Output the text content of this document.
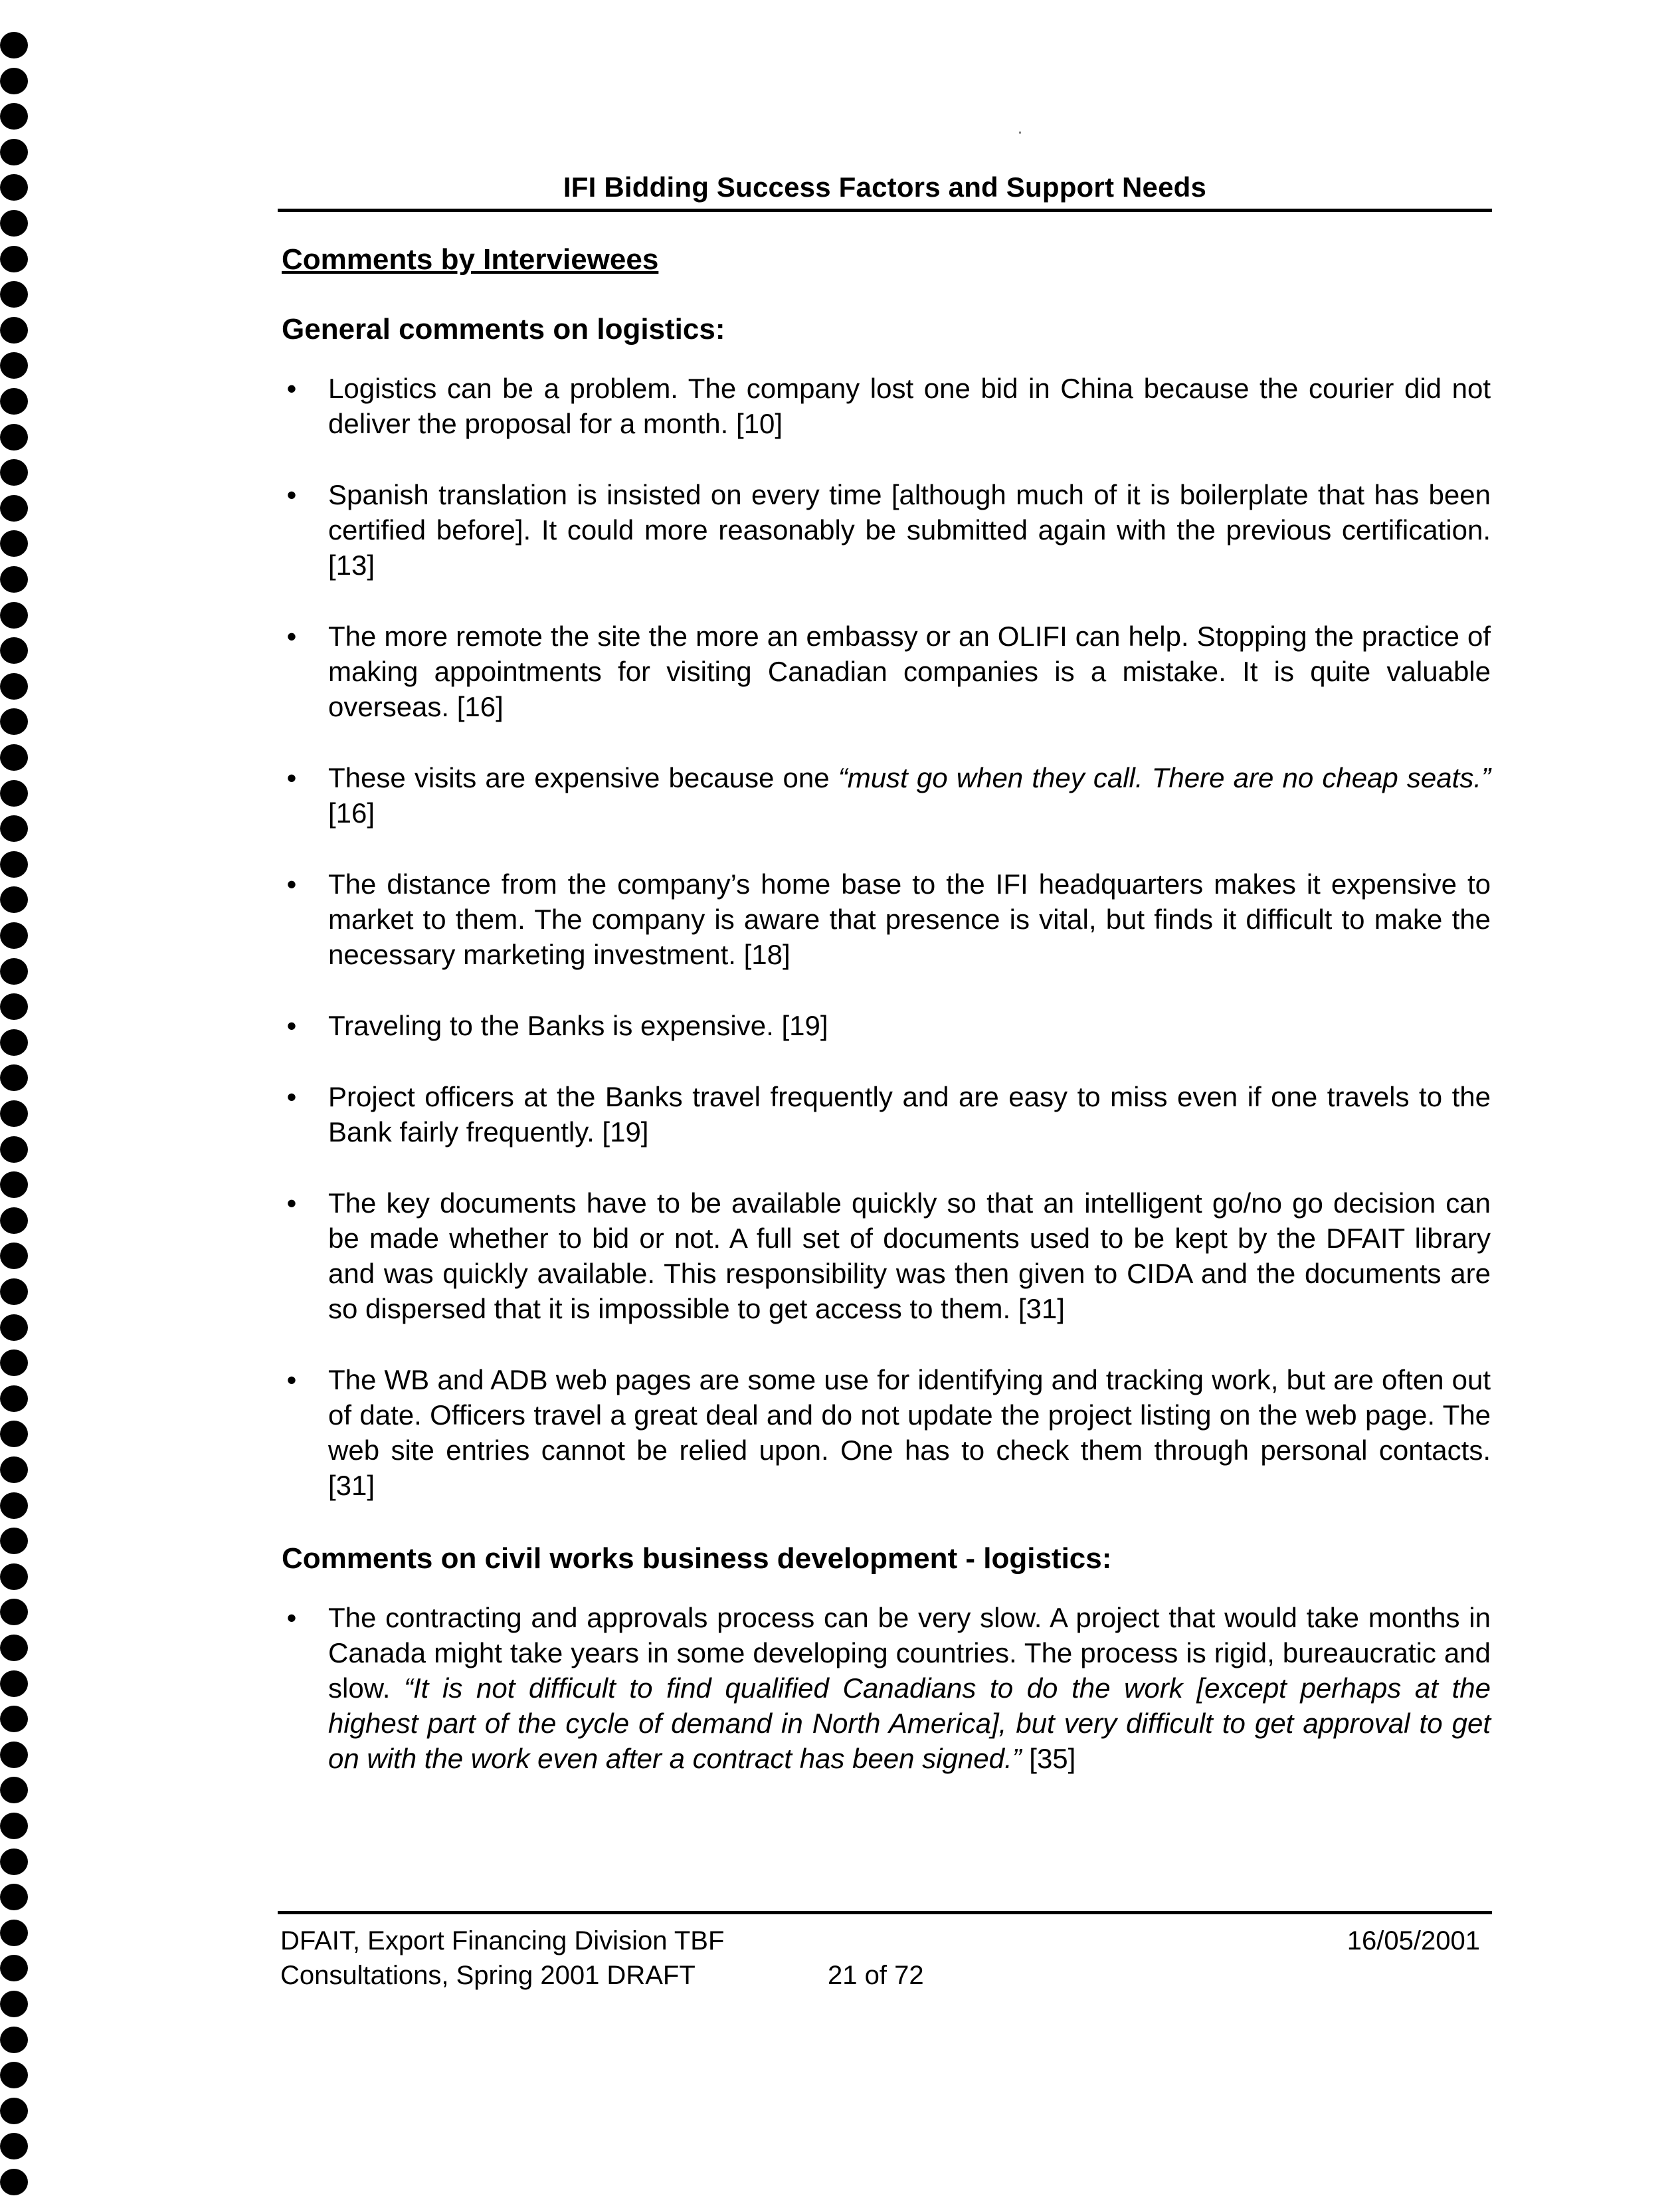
IFI Bidding Success Factors and Support Needs
Comments by Interviewees
General comments on logistics:
• Logistics can be a problem. The company lost one bid in China because the courier did not deliver the proposal for a month. [10]
• Spanish translation is insisted on every time [although much of it is boilerplate that has been certified before]. It could more reasonably be submitted again with the previous certification. [13]
• The more remote the site the more an embassy or an OLIFI can help. Stopping the practice of making appointments for visiting Canadian companies is a mistake. It is quite valuable overseas. [16]
• These visits are expensive because one “must go when they call. There are no cheap seats.” [16]
• The distance from the company’s home base to the IFI headquarters makes it expensive to market to them. The company is aware that presence is vital, but finds it difficult to make the necessary marketing investment. [18]
• Traveling to the Banks is expensive. [19]
• Project officers at the Banks travel frequently and are easy to miss even if one travels to the Bank fairly frequently. [19]
• The key documents have to be available quickly so that an intelligent go/no go decision can be made whether to bid or not. A full set of documents used to be kept by the DFAIT library and was quickly available. This responsibility was then given to CIDA and the documents are so dispersed that it is impossible to get access to them. [31]
• The WB and ADB web pages are some use for identifying and tracking work, but are often out of date. Officers travel a great deal and do not update the project listing on the web page. The web site entries cannot be relied upon. One has to check them through personal contacts. [31]
Comments on civil works business development - logistics:
• The contracting and approvals process can be very slow. A project that would take months in Canada might take years in some developing countries. The process is rigid, bureaucratic and slow. “It is not difficult to find qualified Canadians to do the work [except perhaps at the highest part of the cycle of demand in North America], but very difficult to get approval to get on with the work even after a contract has been signed.” [35]
DFAIT, Export Financing Division TBF
Consultations, Spring 2001 DRAFT	21 of 72
16/05/2001
